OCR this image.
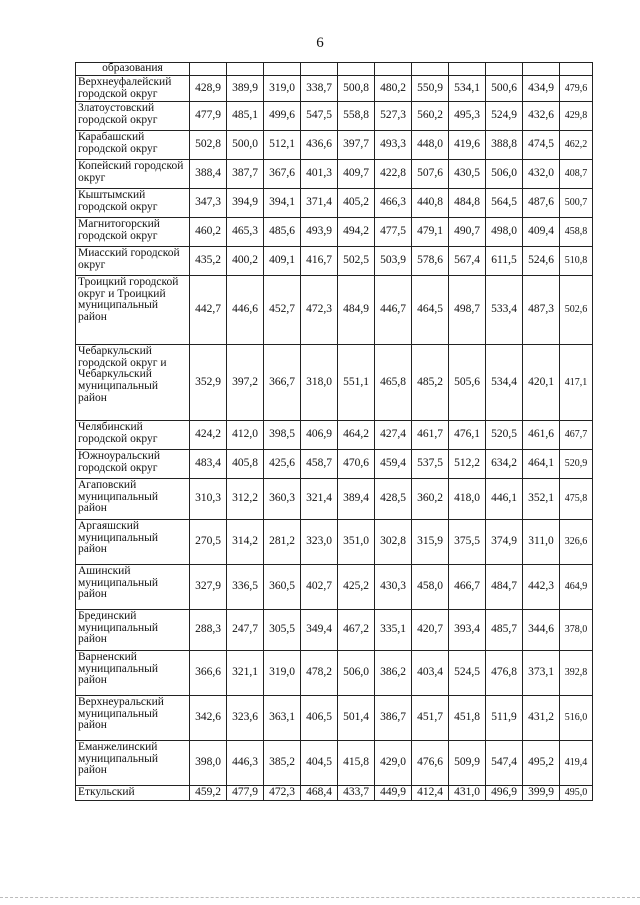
6
образования											
Верхнеуфалейский городской округ	428,9	389,9	319,0	338,7	500,8	480,2	550,9	534,1	500,6	434,9	479,6
Златоустовский городской округ	477,9	485,1	499,6	547,5	558,8	527,3	560,2	495,3	524,9	432,6	429,8
Карабашский городской округ	502,8	500,0	512,1	436,6	397,7	493,3	448,0	419,6	388,8	474,5	462,2
Копейский городской округ	388,4	387,7	367,6	401,3	409,7	422,8	507,6	430,5	506,0	432,0	408,7
Кыштымский городской округ	347,3	394,9	394,1	371,4	405,2	466,3	440,8	484,8	564,5	487,6	500,7
Магнитогорский городской округ	460,2	465,3	485,6	493,9	494,2	477,5	479,1	490,7	498,0	409,4	458,8
Миасский городской округ	435,2	400,2	409,1	416,7	502,5	503,9	578,6	567,4	611,5	524,6	510,8
Троицкий городской округ и Троицкий муниципальный район	442,7	446,6	452,7	472,3	484,9	446,7	464,5	498,7	533,4	487,3	502,6
Чебаркульский городской округ и Чебаркульский муниципальный район	352,9	397,2	366,7	318,0	551,1	465,8	485,2	505,6	534,4	420,1	417,1
Челябинский городской округ	424,2	412,0	398,5	406,9	464,2	427,4	461,7	476,1	520,5	461,6	467,7
Южноуральский городской округ	483,4	405,8	425,6	458,7	470,6	459,4	537,5	512,2	634,2	464,1	520,9
Агаповский муниципальный район	310,3	312,2	360,3	321,4	389,4	428,5	360,2	418,0	446,1	352,1	475,8
Аргаяшский муниципальный район	270,5	314,2	281,2	323,0	351,0	302,8	315,9	375,5	374,9	311,0	326,6
Ашинский муниципальный район	327,9	336,5	360,5	402,7	425,2	430,3	458,0	466,7	484,7	442,3	464,9
Брединский муниципальный район	288,3	247,7	305,5	349,4	467,2	335,1	420,7	393,4	485,7	344,6	378,0
Варненский муниципальный район	366,6	321,1	319,0	478,2	506,0	386,2	403,4	524,5	476,8	373,1	392,8
Верхнеуральский муниципальный район	342,6	323,6	363,1	406,5	501,4	386,7	451,7	451,8	511,9	431,2	516,0
Еманжелинский муниципальный район	398,0	446,3	385,2	404,5	415,8	429,0	476,6	509,9	547,4	495,2	419,4
Еткульский	459,2	477,9	472,3	468,4	433,7	449,9	412,4	431,0	496,9	399,9	495,0
